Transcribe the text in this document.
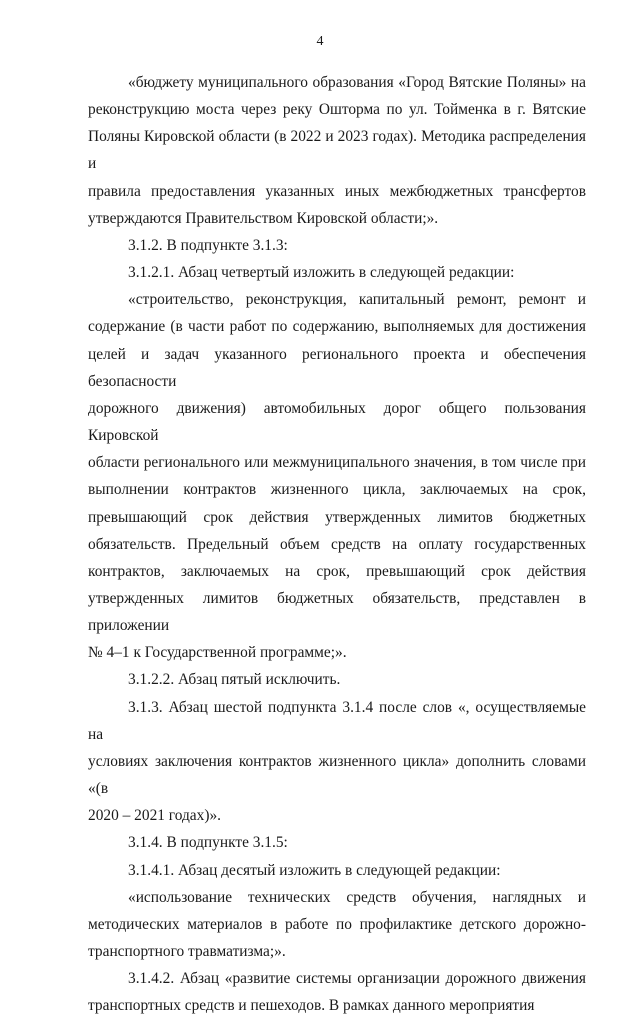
4
«бюджету муниципального образования «Город Вятские Поляны» на
реконструкцию моста через реку Ошторма по ул. Тойменка в г. Вятские
Поляны Кировской области (в 2022 и 2023 годах). Методика распределения и
правила предоставления указанных иных межбюджетных трансфертов
утверждаются Правительством Кировской области;».
3.1.2. В подпункте 3.1.3:
3.1.2.1. Абзац четвертый изложить в следующей редакции:
«строительство, реконструкция, капитальный ремонт, ремонт и
содержание (в части работ по содержанию, выполняемых для достижения
целей и задач указанного регионального проекта и обеспечения безопасности
дорожного движения) автомобильных дорог общего пользования Кировской
области регионального или межмуниципального значения, в том числе при
выполнении контрактов жизненного цикла, заключаемых на срок,
превышающий срок действия утвержденных лимитов бюджетных
обязательств. Предельный объем средств на оплату государственных
контрактов, заключаемых на срок, превышающий срок действия
утвержденных лимитов бюджетных обязательств, представлен в приложении
№ 4–1 к Государственной программе;».
3.1.2.2. Абзац пятый исключить.
3.1.3. Абзац шестой подпункта 3.1.4 после слов «, осуществляемые на
условиях заключения контрактов жизненного цикла» дополнить словами «(в
2020 – 2021 годах)».
3.1.4. В подпункте 3.1.5:
3.1.4.1. Абзац десятый изложить в следующей редакции:
«использование технических средств обучения, наглядных и
методических материалов в работе по профилактике детского дорожно-
транспортного травматизма;».
3.1.4.2. Абзац «развитие системы организации дорожного движения
транспортных средств и пешеходов. В рамках данного мероприятия
